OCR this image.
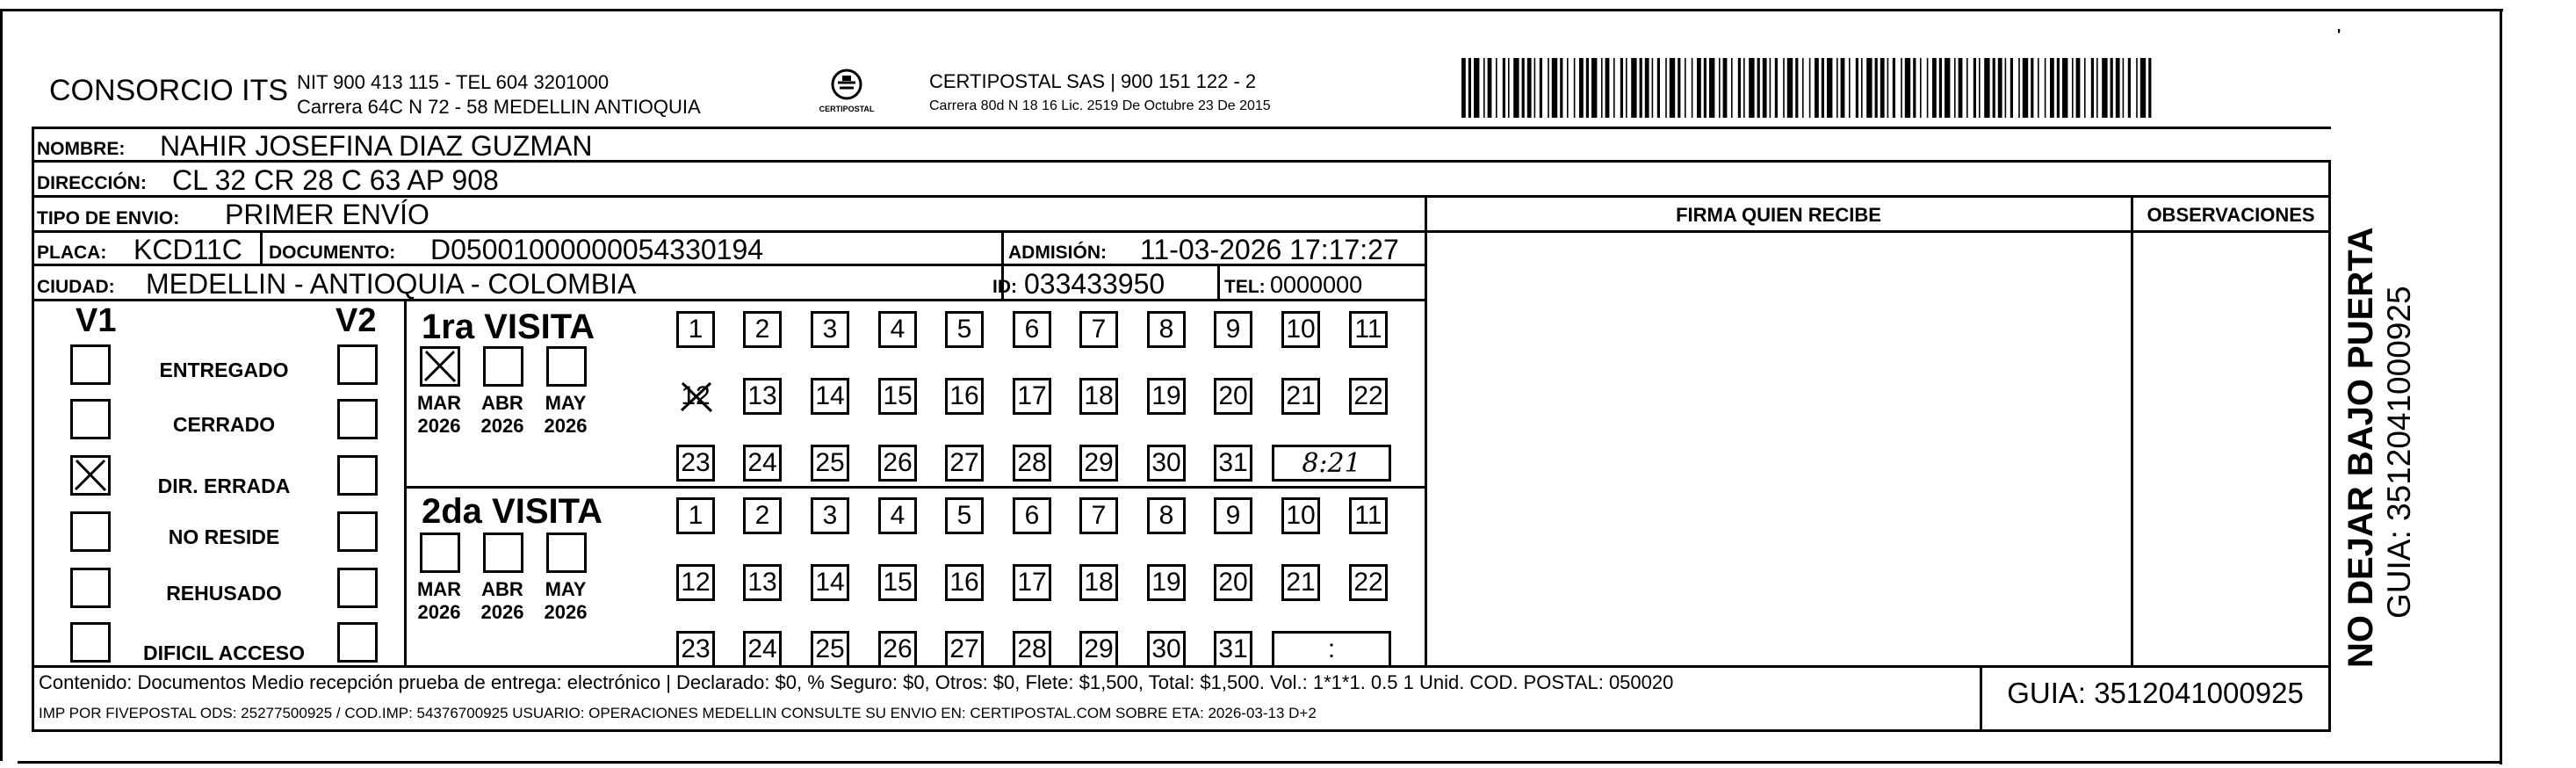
'
CONSORCIO ITS NIT 900 413 115 - TEL 604 3201000
Carrera 64C N 72 - 58 MEDELLIN ANTIOQUIA	CERTIPOSTAL
CERTIPOSTAL SAS | 900 151 122 - 2
Carrera 80d N 18 16 Lic. 2519 De Octubre 23 De 2015
NOMBRE: NAHIR JOSEFINA DIAZ GUZMAN
DIRECCIÓN: CL 32 CR 28 C 63 AP 908
TIPO DE ENVIO: PRIMER ENVÍO	FIRMA QUIEN RECIBE	OBSERVACIONES
PLACA: KCD11C DOCUMENTO: D05001000000054330194	ADMISIÓN: 11-03-2026 17:17:27
CIUDAD: MEDELLIN - ANTIOQUIA - COLOMBIA	ID: 033433950	TEL: 0000000
V1	V2
ENTREGADO
CERRADO
DIR. ERRADA
NO RESIDE
REHUSADO
DIFICIL ACCESO
1ra VISITA
2da VISITA
1 2 3 4 5 6 7 8 9 10 11
12 13 14 15 16 17 18 19 20 21 22
23 24 25 26 27 28 29 30 31 8:21
MAR
2026
ABR
2026
MAY
2026
1 2 3 4 5 6 7 8 9 10 11
12 13 14 15 16 17 18 19 20 21 22
23 24 25 26 27 28 29 30 31	:
MAR
2026
ABR
2026
MAY
2026
Contenido: Documentos Medio recepción prueba de entrega: electrónico | Declarado: $0, % Seguro: $0, Otros: $0, Flete: $1,500, Total: $1,500. Vol.: 1*1*1. 0.5 1 Unid. COD. POSTAL: 050020
IMP POR FIVEPOSTAL ODS: 25277500925 / COD.IMP: 54376700925 USUARIO: OPERACIONES MEDELLIN CONSULTE SU ENVIO EN: CERTIPOSTAL.COM SOBRE ETA: 2026-03-13 D+2
GUIA: 3512041000925
NO DEJAR BAJO PUERTA GUIA: 3512041000925
